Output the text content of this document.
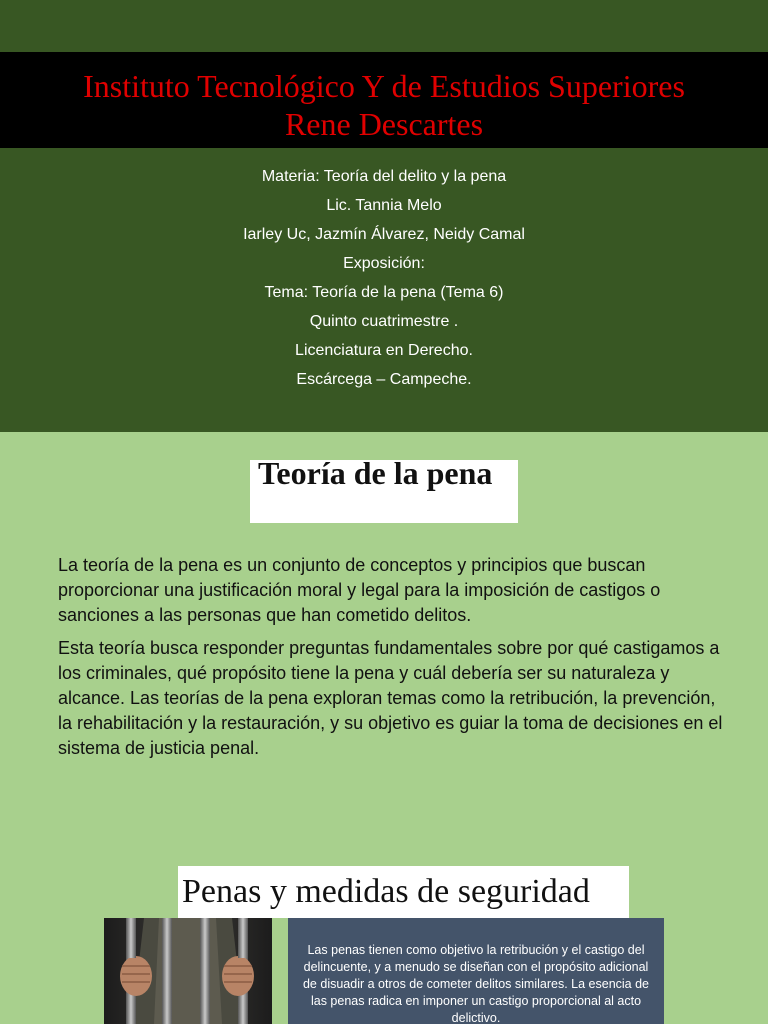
Instituto Tecnológico Y de Estudios Superiores
Rene Descartes
Materia: Teoría del delito y la pena
Lic. Tannia Melo
Iarley Uc, Jazmín Álvarez, Neidy Camal
Exposición:
Tema: Teoría de la pena (Tema 6)
Quinto cuatrimestre .
Licenciatura en Derecho.
Escárcega – Campeche.
Teoría de la pena

La teoría de la pena es un conjunto de conceptos y principios que buscan proporcionar una justificación moral y legal para la imposición de castigos o sanciones a las personas que han cometido delitos.

Esta teoría busca responder preguntas fundamentales sobre por qué castigamos a los criminales, qué propósito tiene la pena y cuál debería ser su naturaleza y alcance. Las teorías de la pena exploran temas como la retribución, la prevención, la rehabilitación y la restauración, y su objetivo es guiar la toma de decisiones en el sistema de justicia penal.

Penas y medidas de seguridad
Las penas tienen como objetivo la retribución y el castigo del delincuente, y a menudo se diseñan con el propósito adicional de disuadir a otros de cometer delitos similares. La esencia de las penas radica en imponer un castigo proporcional al acto delictivo.
